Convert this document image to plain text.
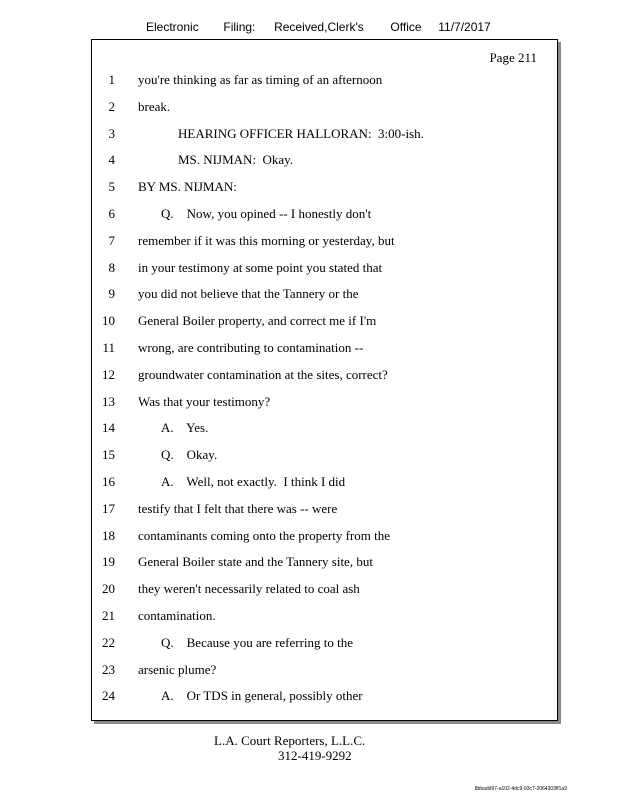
Electronic Filing: Received,Clerk's Office 11/7/2017
Page 211
1 you're thinking as far as timing of an afternoon
2 break.
3	HEARING OFFICER HALLORAN:  3:00-ish.
4	MS. NIJMAN:  Okay.
5 BY MS. NIJMAN:
6	Q.    Now, you opined -- I honestly don't
7 remember if it was this morning or yesterday, but
8 in your testimony at some point you stated that
9 you did not believe that the Tannery or the
10 General Boiler property, and correct me if I'm
11 wrong, are contributing to contamination --
12 groundwater contamination at the sites, correct?
13 Was that your testimony?
14	A.    Yes.
15	Q.    Okay.
16	A.    Well, not exactly.  I think I did
17 testify that I felt that there was -- were
18 contaminants coming onto the property from the
19 General Boiler state and the Tannery site, but
20 they weren't necessarily related to coal ash
21 contamination.
22	Q.    Because you are referring to the
23 arsenic plume?
24	A.    Or TDS in general, possibly other
L.A. Court Reporters, L.L.C.

312-419-9292
8bbadd97-a102-4dc9-93c7-2064303ff1a9
